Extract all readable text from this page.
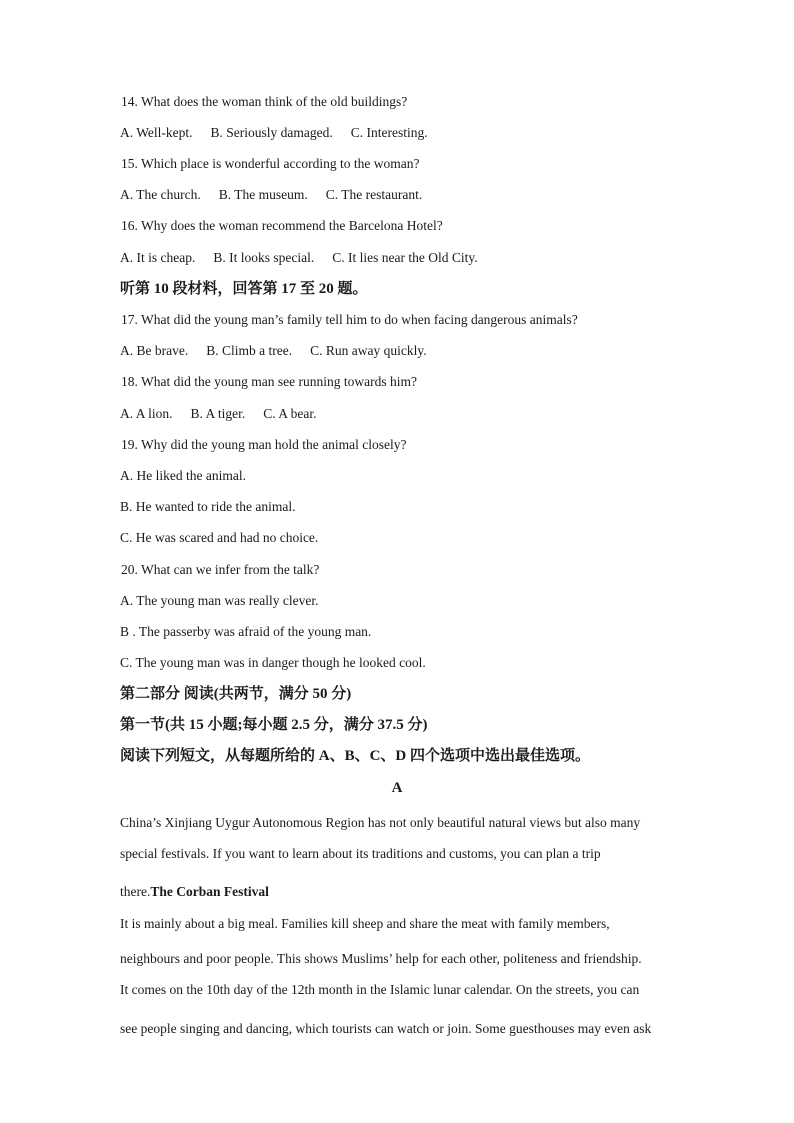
14. What does the woman think of the old buildings?
A. Well-kept. B. Seriously damaged. C. Interesting.
15. Which place is wonderful according to the woman?
A. The church. B. The museum. C. The restaurant.
16. Why does the woman recommend the Barcelona Hotel?
A. It is cheap. B. It looks special. C. It lies near the Old City.
听第 10 段材料，回答第 17 至 20 题。
17. What did the young man’s family tell him to do when facing dangerous animals?
A. Be brave. B. Climb a tree. C. Run away quickly.
18. What did the young man see running towards him?
A. A lion. B. A tiger. C. A bear.
19. Why did the young man hold the animal closely?
A. He liked the animal.
B. He wanted to ride the animal.
C. He was scared and had no choice.
20. What can we infer from the talk?
A. The young man was really clever.
B . The passerby was afraid of the young man.
C. The young man was in danger though he looked cool.
第二部分 阅读(共两节，满分 50 分)
第一节(共 15 小题;每小题 2.5 分，满分 37.5 分)
阅读下列短文，从每题所给的 A、B、C、D 四个选项中选出最佳选项。
A
China’s Xinjiang Uygur Autonomous Region has not only beautiful natural views but also many
special festivals. If you want to learn about its traditions and customs, you can plan a trip
there.The Corban Festival
It is mainly about a big meal. Families kill sheep and share the meat with family members,
neighbours and poor people. This shows Muslims’ help for each other, politeness and friendship.
It comes on the 10th day of the 12th month in the Islamic lunar calendar. On the streets, you can
see people singing and dancing, which tourists can watch or join. Some guesthouses may even ask
